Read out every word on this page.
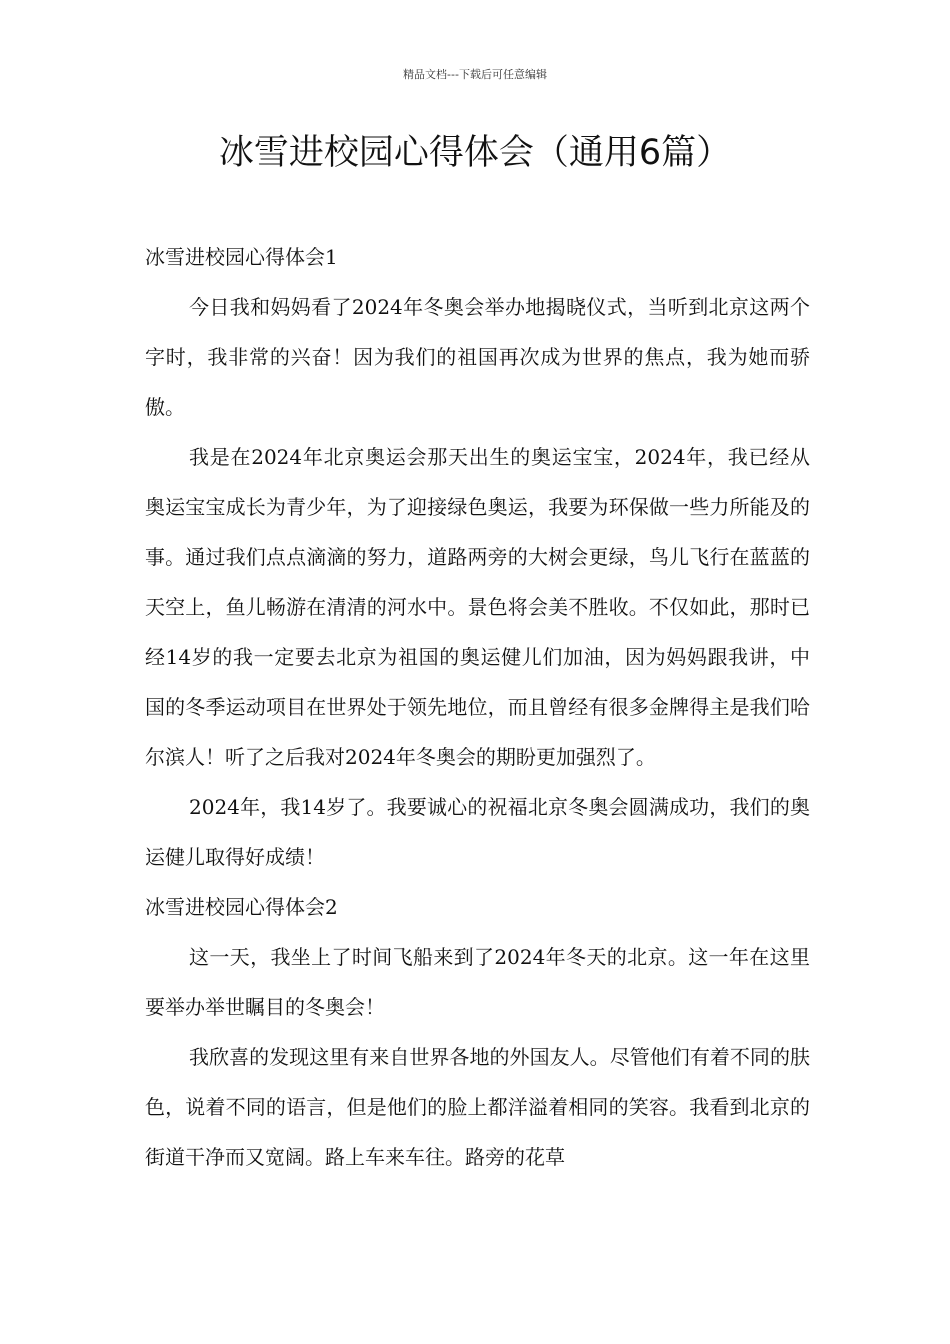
精品文档---下载后可任意编辑
冰雪进校园心得体会（通用6篇）

冰雪进校园心得体会1

今日我和妈妈看了2024年冬奥会举办地揭晓仪式，当听到北京这两个字时，我非常的兴奋！因为我们的祖国再次成为世界的焦点，我为她而骄傲。

我是在2024年北京奥运会那天出生的奥运宝宝，2024年，我已经从奥运宝宝成长为青少年，为了迎接绿色奥运，我要为环保做一些力所能及的事。通过我们点点滴滴的努力，道路两旁的大树会更绿，鸟儿飞行在蓝蓝的天空上，鱼儿畅游在清清的河水中。景色将会美不胜收。不仅如此，那时已经14岁的我一定要去北京为祖国的奥运健儿们加油，因为妈妈跟我讲，中国的冬季运动项目在世界处于领先地位，而且曾经有很多金牌得主是我们哈尔滨人！听了之后我对2024年冬奥会的期盼更加强烈了。

2024年，我14岁了。我要诚心的祝福北京冬奥会圆满成功，我们的奥运健儿取得好成绩！

冰雪进校园心得体会2

这一天，我坐上了时间飞船来到了2024年冬天的北京。这一年在这里要举办举世瞩目的冬奥会！

我欣喜的发现这里有来自世界各地的外国友人。尽管他们有着不同的肤色，说着不同的语言，但是他们的脸上都洋溢着相同的笑容。我看到北京的街道干净而又宽阔。路上车来车往。路旁的花草
